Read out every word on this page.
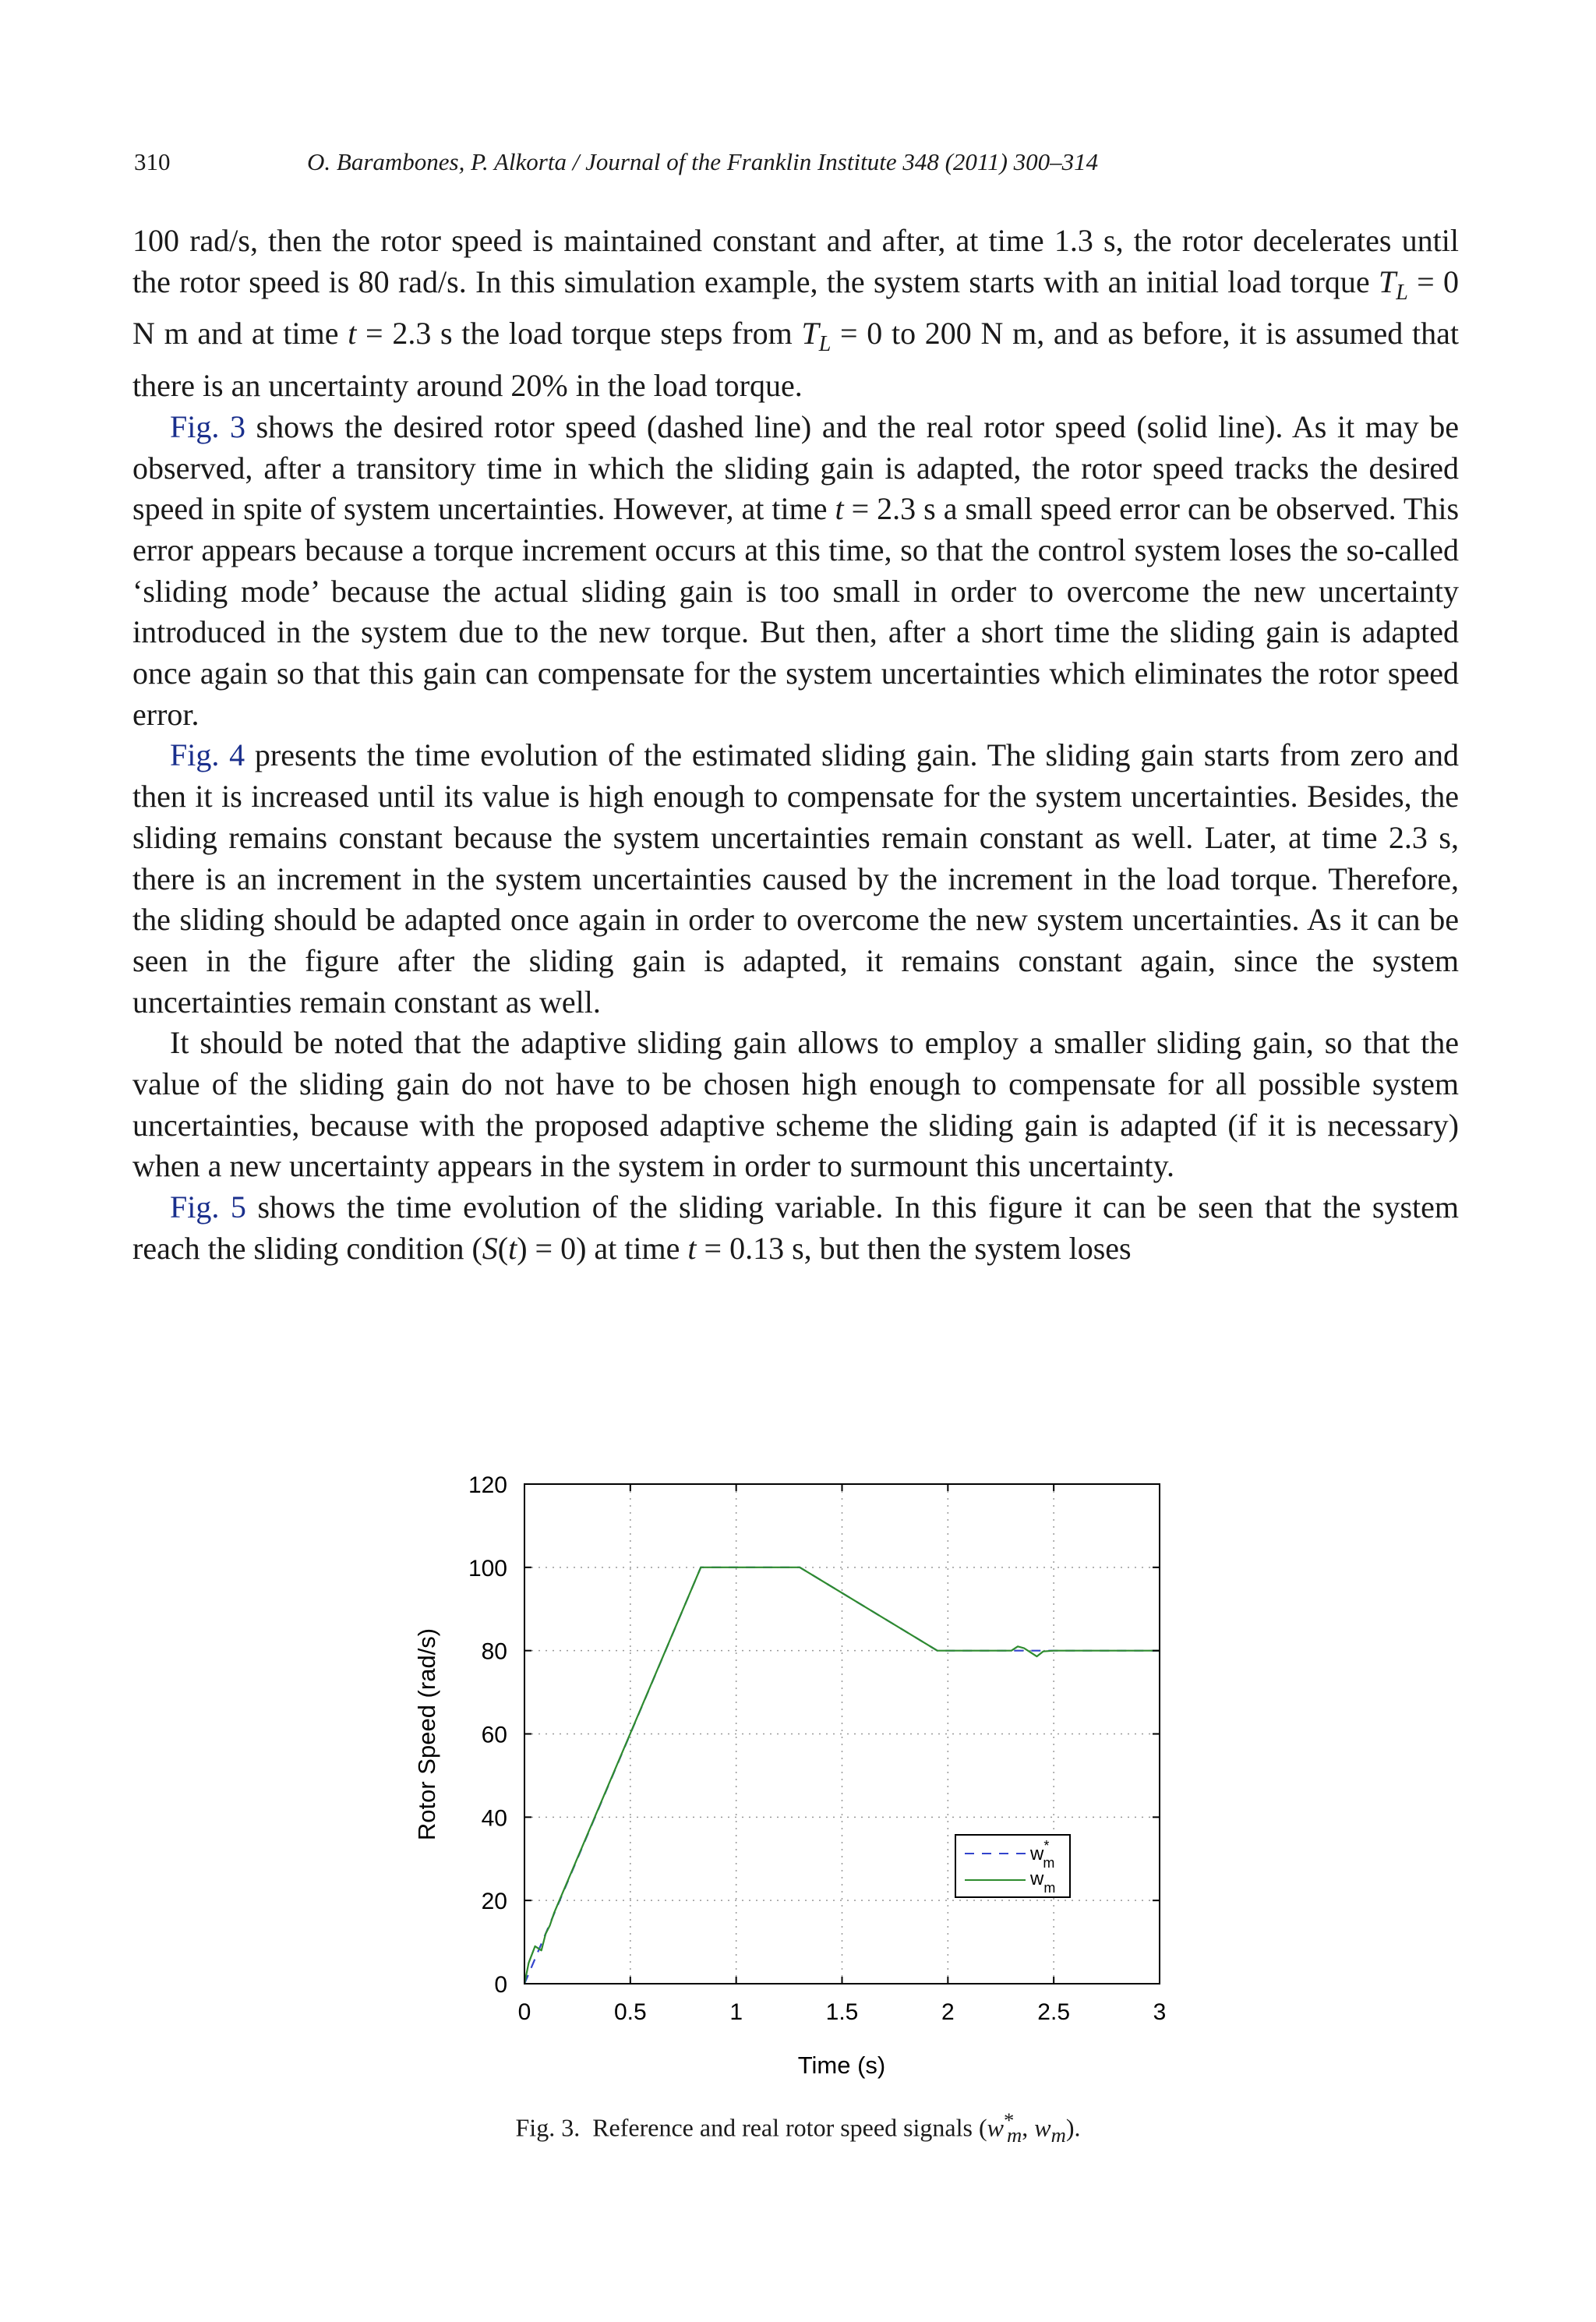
310	O. Barambones, P. Alkorta / Journal of the Franklin Institute 348 (2011) 300–314

100 rad/s, then the rotor speed is maintained constant and after, at time 1.3 s, the rotor decelerates until the rotor speed is 80 rad/s. In this simulation example, the system starts with an initial load torque $T_L = 0$ N m and at time t = 2.3 s the load torque steps from $T_L = 0$ to 200 N m, and as before, it is assumed that there is an uncertainty around 20% in the load torque.

Fig. 3 shows the desired rotor speed (dashed line) and the real rotor speed (solid line). As it may be observed, after a transitory time in which the sliding gain is adapted, the rotor speed tracks the desired speed in spite of system uncertainties. However, at time t = 2.3 s a small speed error can be observed. This error appears because a torque increment occurs at this time, so that the control system loses the so-called ‘sliding mode’ because the actual sliding gain is too small in order to overcome the new uncertainty introduced in the system due to the new torque. But then, after a short time the sliding gain is adapted once again so that this gain can compensate for the system uncertainties which eliminates the rotor speed error.

Fig. 4 presents the time evolution of the estimated sliding gain. The sliding gain starts from zero and then it is increased until its value is high enough to compensate for the system uncertainties. Besides, the sliding remains constant because the system uncertainties remain constant as well. Later, at time 2.3 s, there is an increment in the system uncertainties caused by the increment in the load torque. Therefore, the sliding should be adapted once again in order to overcome the new system uncertainties. As it can be seen in the figure after the sliding gain is adapted, it remains constant again, since the system uncertainties remain constant as well.

It should be noted that the adaptive sliding gain allows to employ a smaller sliding gain, so that the value of the sliding gain do not have to be chosen high enough to compensate for all possible system uncertainties, because with the proposed adaptive scheme the sliding gain is adapted (if it is necessary) when a new uncertainty appears in the system in order to surmount this uncertainty.

Fig. 5 shows the time evolution of the sliding variable. In this figure it can be seen that the system reach the sliding condition (S(t) = 0) at time t = 0.13 s, but then the system loses

0	0.5	1	1.5	2	2.5	3
0
20
40
60
80
100
120
Time (s)
Rotor Speed (rad/s)
w* m
$w_m$
Fig. 3. Reference and real rotor speed signals ($w^*_m$, $w_m$).
